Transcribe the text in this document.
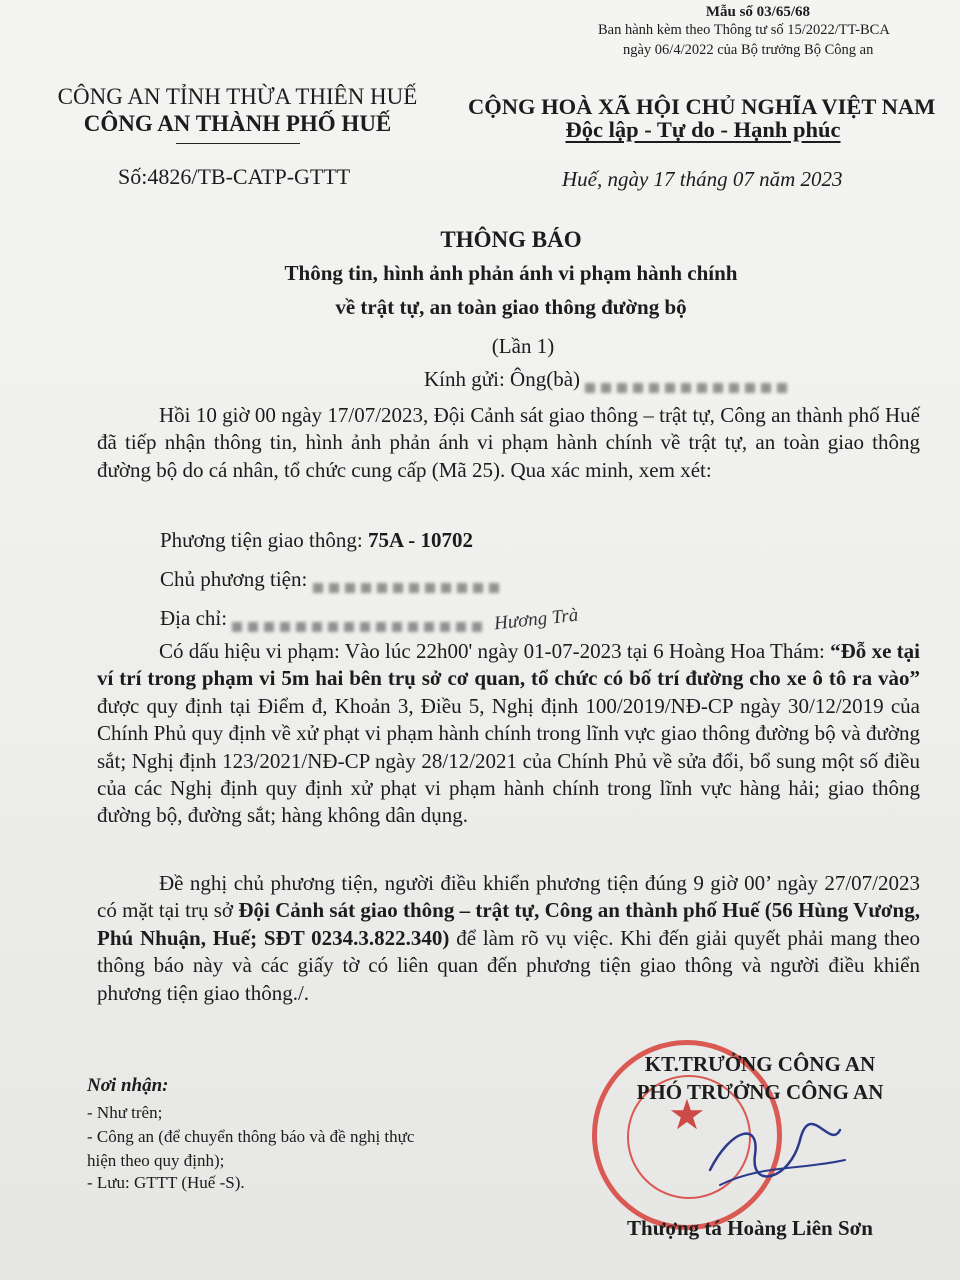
Mẫu số 03/65/68
Ban hành kèm theo Thông tư số 15/2022/TT-BCA
ngày 06/4/2022 của Bộ trưởng Bộ Công an
CÔNG AN TỈNH THỪA THIÊN HUẾ
CÔNG AN THÀNH PHỐ HUẾ
Số:4826/TB-CATP-GTTT
CỘNG HOÀ XÃ HỘI CHỦ NGHĨA VIỆT NAM
Độc lập - Tự do - Hạnh phúc
Huế, ngày 17 tháng 07 năm 2023
THÔNG BÁO
Thông tin, hình ảnh phản ánh vi phạm hành chính
về trật tự, an toàn giao thông đường bộ
(Lần 1)
Kính gửi: Ông(bà)
Hồi 10 giờ 00 ngày 17/07/2023, Đội Cảnh sát giao thông – trật tự, Công an thành phố Huế đã tiếp nhận thông tin, hình ảnh phản ánh vi phạm hành chính về trật tự, an toàn giao thông đường bộ do cá nhân, tổ chức cung cấp (Mã 25). Qua xác minh, xem xét:
Phương tiện giao thông: 75A - 10702
Chủ phương tiện:
Địa chỉ:	Hương Trà
Có dấu hiệu vi phạm: Vào lúc 22h00' ngày 01-07-2023 tại 6 Hoàng Hoa Thám: “Đỗ xe tại ví trí trong phạm vi 5m hai bên trụ sở cơ quan, tổ chức có bố trí đường cho xe ô tô ra vào” được quy định tại Điểm đ, Khoản 3, Điều 5, Nghị định 100/2019/NĐ-CP ngày 30/12/2019 của Chính Phủ quy định về xử phạt vi phạm hành chính trong lĩnh vực giao thông đường bộ và đường sắt; Nghị định 123/2021/NĐ-CP ngày 28/12/2021 của Chính Phủ về sửa đổi, bổ sung một số điều của các Nghị định quy định xử phạt vi phạm hành chính trong lĩnh vực hàng hải; giao thông đường bộ, đường sắt; hàng không dân dụng.
Đề nghị chủ phương tiện, người điều khiển phương tiện đúng 9 giờ 00’ ngày 27/07/2023 có mặt tại trụ sở Đội Cảnh sát giao thông – trật tự, Công an thành phố Huế (56 Hùng Vương, Phú Nhuận, Huế; SĐT 0234.3.822.340) để làm rõ vụ việc. Khi đến giải quyết phải mang theo thông báo này và các giấy tờ có liên quan đến phương tiện giao thông và người điều khiển phương tiện giao thông./.
Nơi nhận:
- Như trên;
- Công an (để chuyển thông báo và đề nghị thực
hiện theo quy định);
- Lưu: GTTT (Huế -S).
★
KT.TRƯỞNG CÔNG AN
PHÓ TRƯỞNG CÔNG AN
Thượng tá Hoàng Liên Sơn
